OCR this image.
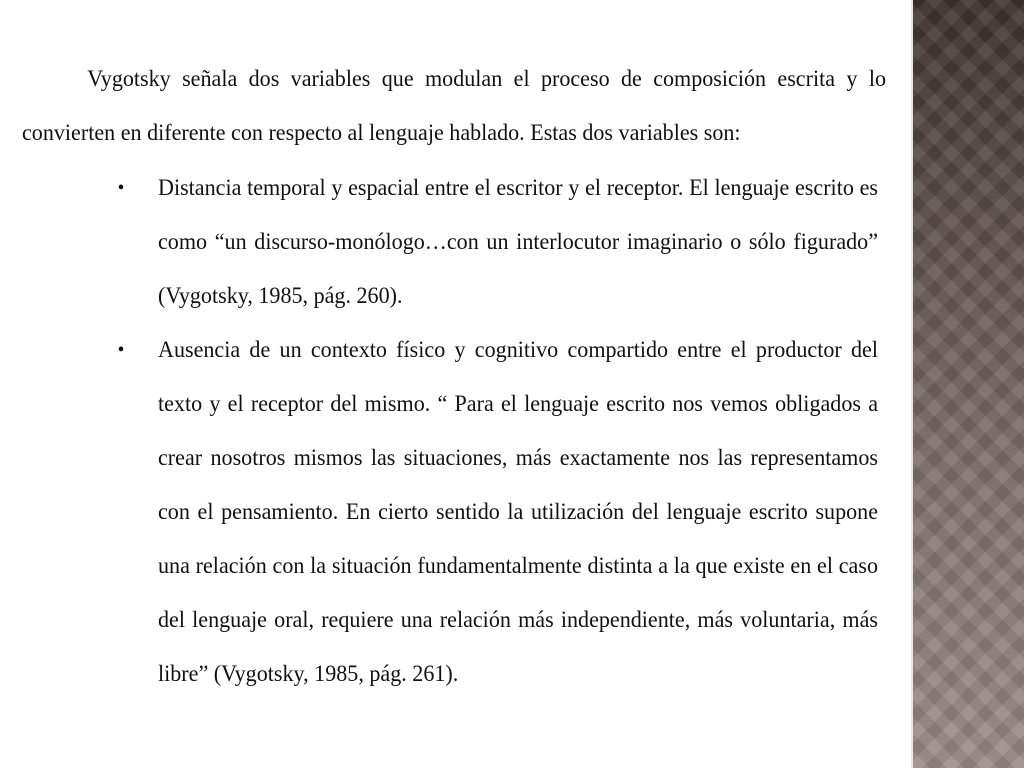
Vygotsky señala dos variables que modulan el proceso de composición escrita y lo convierten en diferente con respecto al lenguaje hablado. Estas dos variables son:

• Distancia temporal y espacial entre el escritor y el receptor. El lenguaje escrito es como “un discurso-monólogo…con un interlocutor imaginario o sólo figurado” (Vygotsky, 1985, pág. 260).
• Ausencia de un contexto físico y cognitivo compartido entre el productor del texto y el receptor del mismo. “ Para el lenguaje escrito nos vemos obligados a crear nosotros mismos las situaciones, más exactamente nos las representamos con el pensamiento. En cierto sentido la utilización del lenguaje escrito supone una relación con la situación fundamentalmente distinta a la que existe en el caso del lenguaje oral, requiere una relación más independiente, más voluntaria, más libre” (Vygotsky, 1985, pág. 261).
